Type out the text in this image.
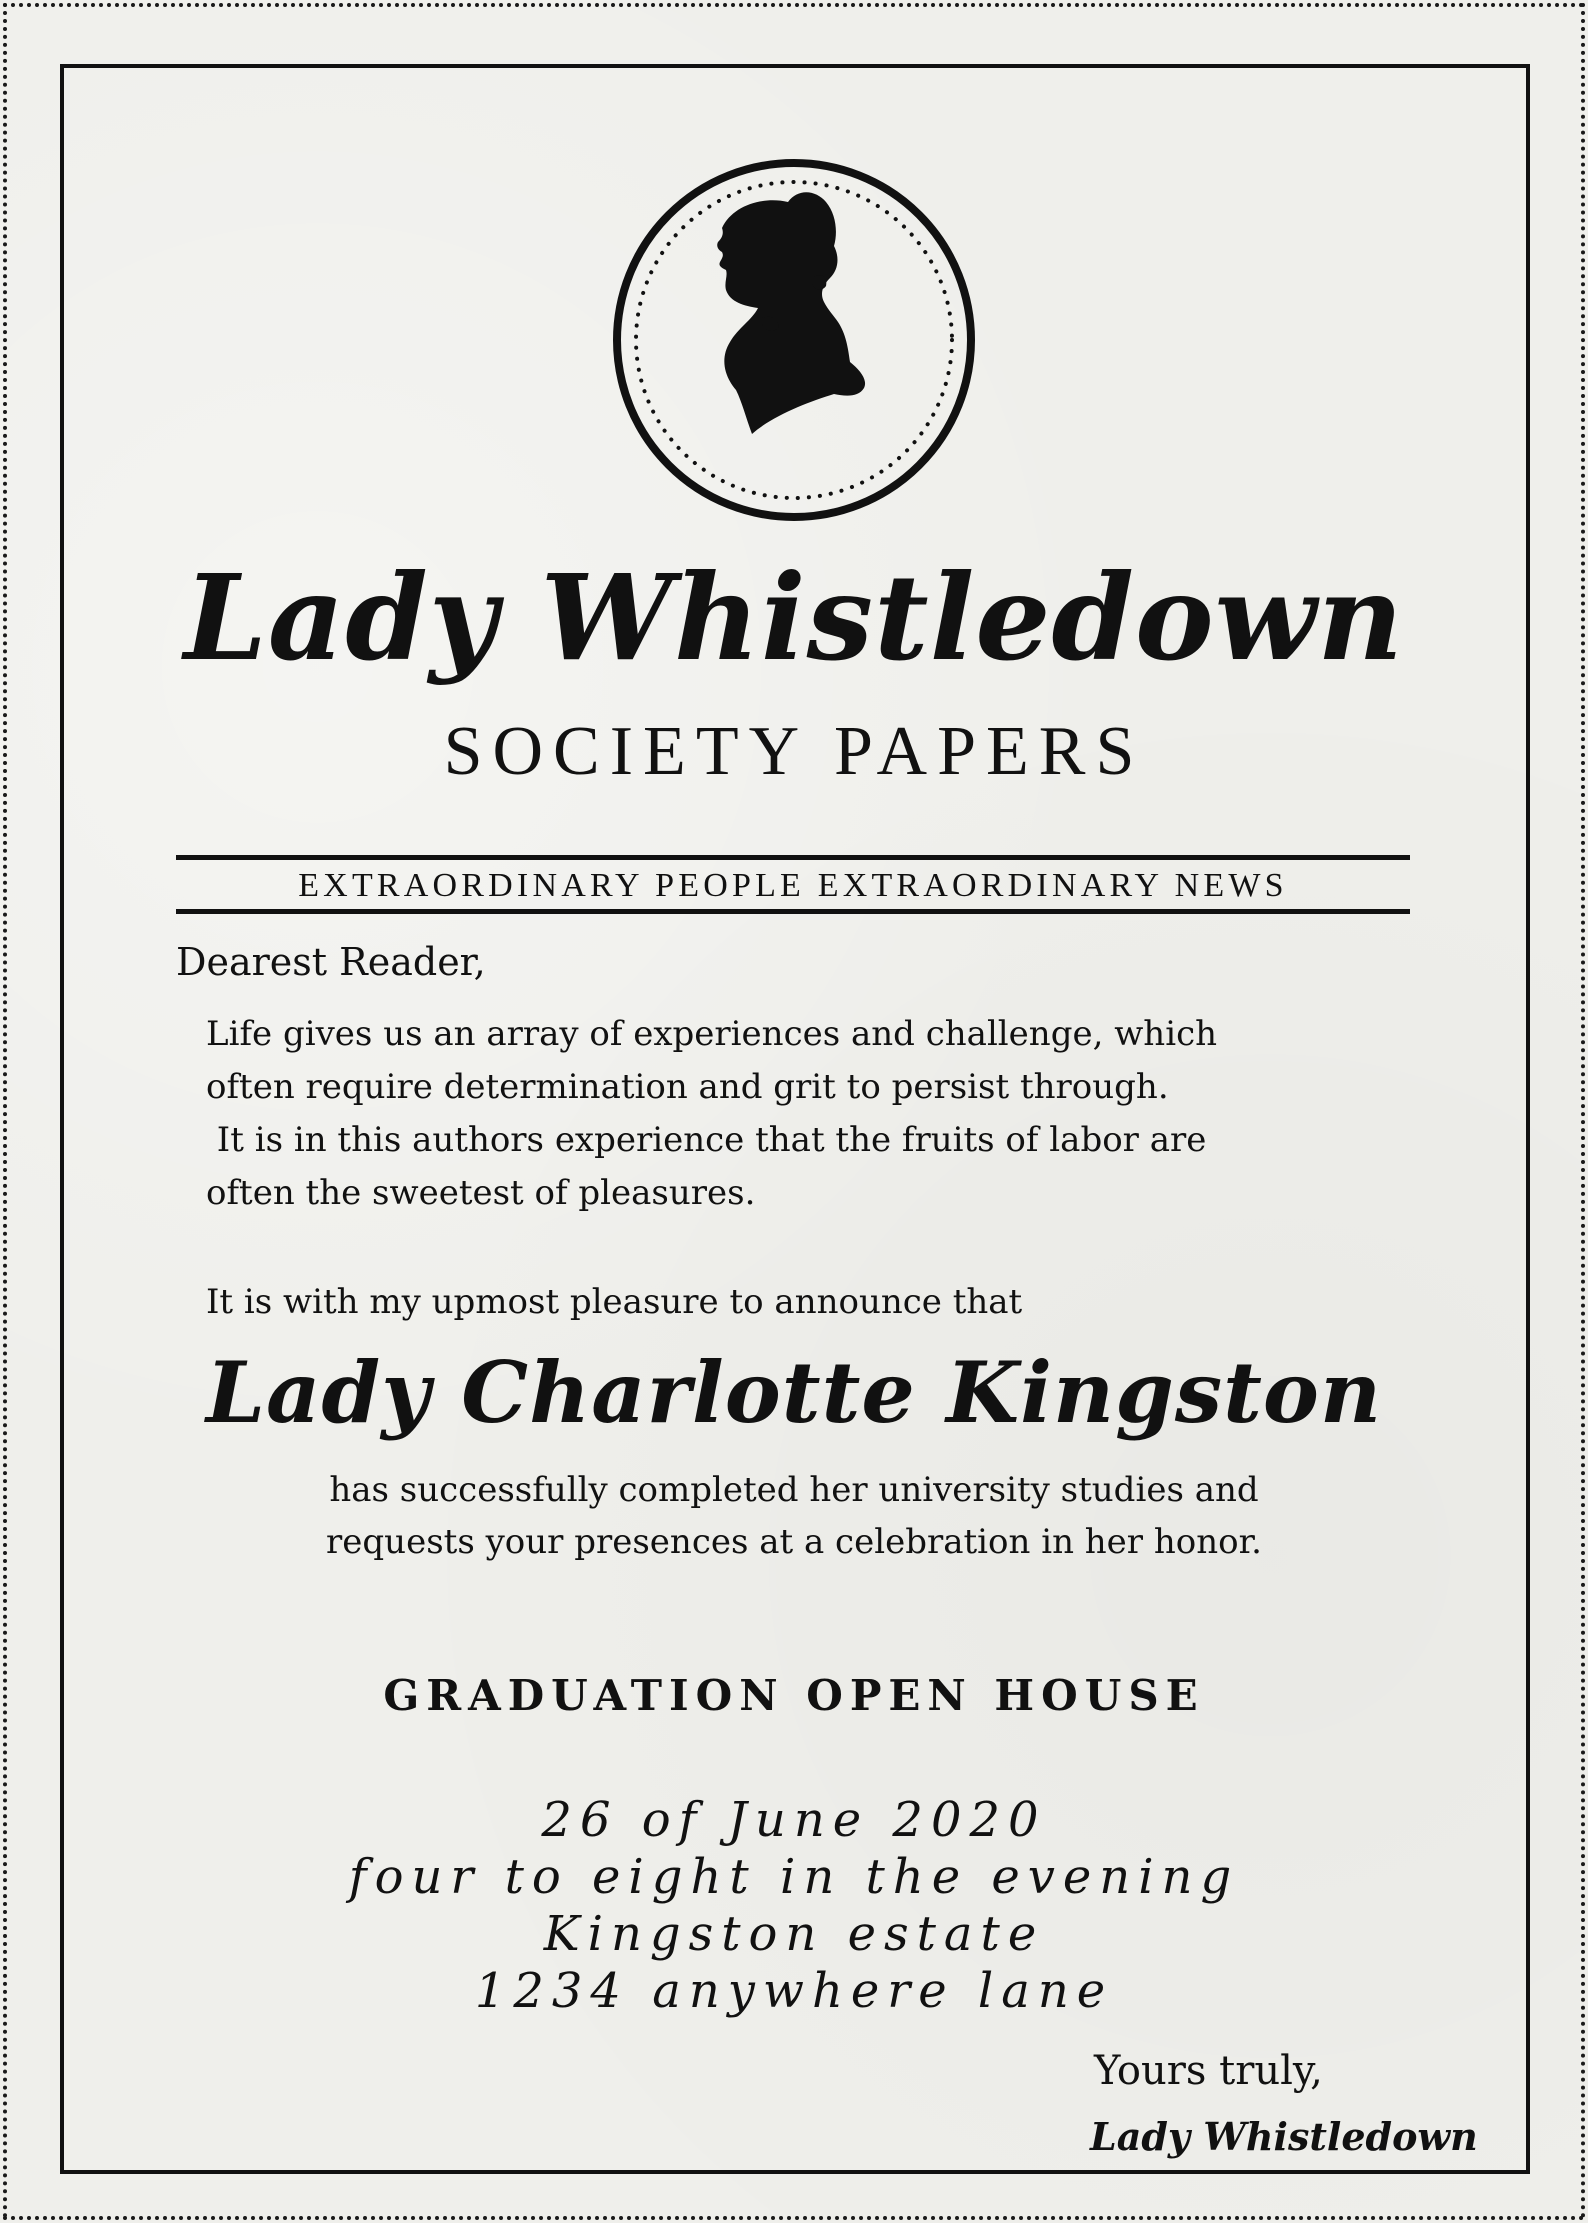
Lady Whistledown
SOCIETY PAPERS
EXTRAORDINARY PEOPLE EXTRAORDINARY NEWS
Dearest Reader,
Life gives us an array of experiences and challenge, which
often require determination and grit to persist through.
It is in this authors experience that the fruits of labor are
often the sweetest of pleasures.
It is with my upmost pleasure to announce that
Lady Charlotte Kingston
has successfully completed her university studies and
requests your presences at a celebration in her honor.
GRADUATION OPEN HOUSE
26 of June 2020
four to eight in the evening
Kingston estate
1234 anywhere lane
Yours truly,
Lady Whistledown
